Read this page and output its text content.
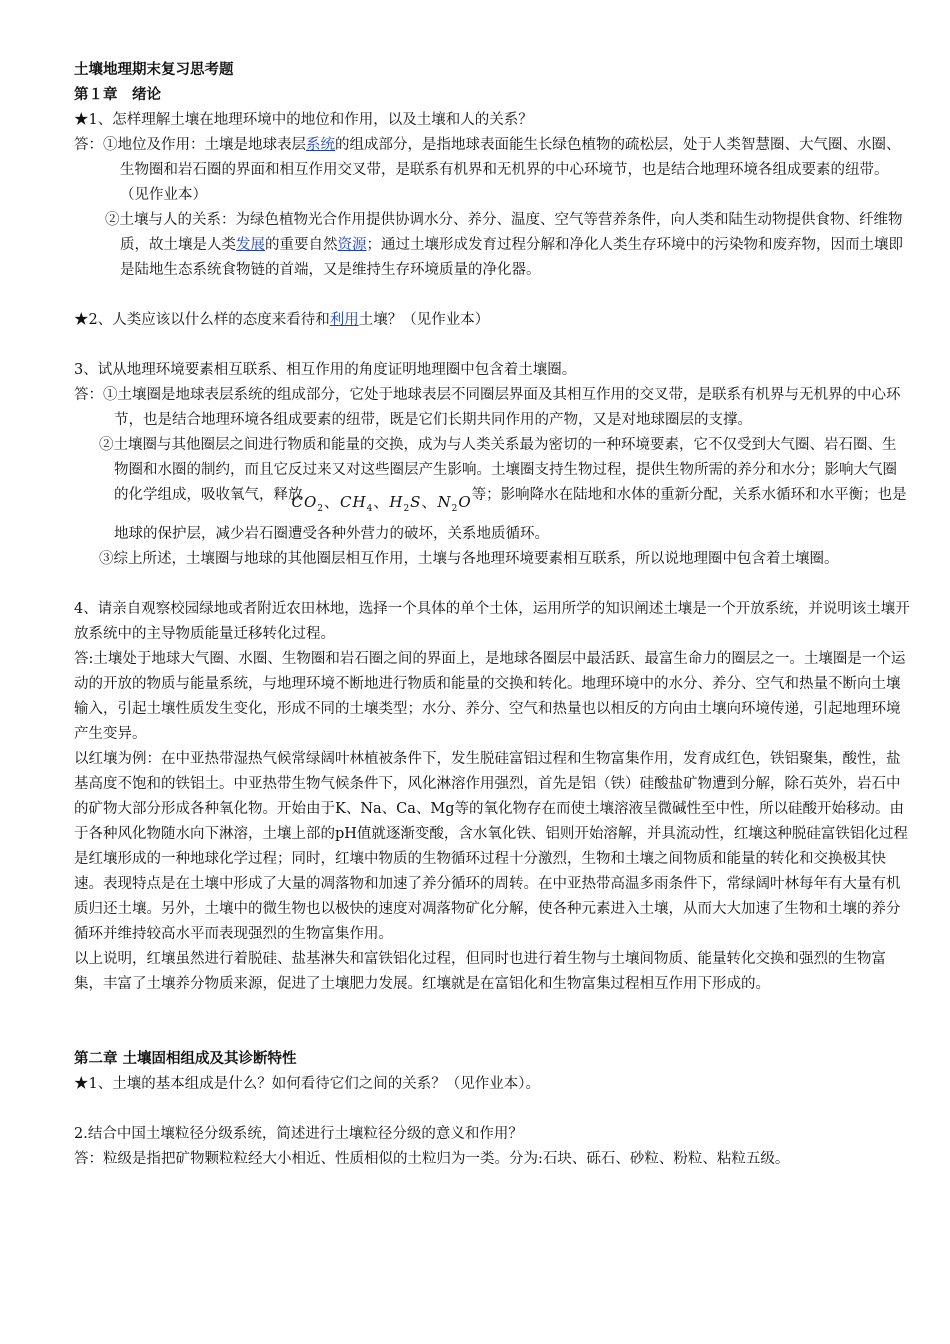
土壤地理期末复习思考题

第１章　绪论

★1、怎样理解土壤在地理环境中的地位和作用，以及土壤和人的关系？

答：①地位及作用：土壤是地球表层系统的组成部分，是指地球表面能生长绿色植物的疏松层，处于人类智慧圈、大气圈、水圈、生物圈和岩石圈的界面和相互作用交叉带，是联系有机界和无机界的中心环境节，也是结合地理环境各组成要素的纽带。（见作业本）

②土壤与人的关系：为绿色植物光合作用提供协调水分、养分、温度、空气等营养条件，向人类和陆生动物提供食物、纤维物质，故土壤是人类发展的重要自然资源；通过土壤形成发育过程分解和净化人类生存环境中的污染物和废弃物，因而土壤即是陆地生态系统食物链的首端，又是维持生存环境质量的净化器。

★2、人类应该以什么样的态度来看待和利用土壤？（见作业本）

3、试从地理环境要素相互联系、相互作用的角度证明地理圈中包含着土壤圈。

答：①土壤圈是地球表层系统的组成部分，它处于地球表层不同圈层界面及其相互作用的交叉带，是联系有机界与无机界的中心环节，也是结合地理环境各组成要素的纽带，既是它们长期共同作用的产物，又是对地球圈层的支撑。

②土壤圈与其他圈层之间进行物质和能量的交换，成为与人类关系最为密切的一种环境要素，它不仅受到大气圈、岩石圈、生物圈和水圈的制约，而且它反过来又对这些圈层产生影响。土壤圈支持生物过程，提供生物所需的养分和水分；影响大气圈的化学组成，吸收氧气，释放 $CO_2$、$CH_4$、$H_2S$、$N_2O$等；影响降水在陆地和水体的重新分配，关系水循环和水平衡；也是地球的保护层，减少岩石圈遭受各种外营力的破坏，关系地质循环。

③综上所述，土壤圈与地球的其他圈层相互作用，土壤与各地理环境要素相互联系，所以说地理圈中包含着土壤圈。

4、请亲自观察校园绿地或者附近农田林地，选择一个具体的单个土体，运用所学的知识阐述土壤是一个开放系统，并说明该土壤开放系统中的主导物质能量迁移转化过程。

答:土壤处于地球大气圈、水圈、生物圈和岩石圈之间的界面上，是地球各圈层中最活跃、最富生命力的圈层之一。土壤圈是一个运动的开放的物质与能量系统，与地理环境不断地进行物质和能量的交换和转化。地理环境中的水分、养分、空气和热量不断向土壤输入，引起土壤性质发生变化，形成不同的土壤类型；水分、养分、空气和热量也以相反的方向由土壤向环境传递，引起地理环境产生变异。

以红壤为例：在中亚热带湿热气候常绿阔叶林植被条件下，发生脱硅富铝过程和生物富集作用，发育成红色，铁铝聚集，酸性，盐基高度不饱和的铁铝土。中亚热带生物气候条件下，风化淋溶作用强烈，首先是铝（铁）硅酸盐矿物遭到分解，除石英外，岩石中的矿物大部分形成各种氧化物。开始由于K、Na、Ca、Mg等的氧化物存在而使土壤溶液呈微碱性至中性，所以硅酸开始移动。由于各种风化物随水向下淋溶，土壤上部的pH值就逐渐变酸，含水氧化铁、铝则开始溶解，并具流动性，红壤这种脱硅富铁铝化过程是红壤形成的一种地球化学过程；同时，红壤中物质的生物循环过程十分激烈，生物和土壤之间物质和能量的转化和交换极其快速。表现特点是在土壤中形成了大量的凋落物和加速了养分循环的周转。在中亚热带高温多雨条件下，常绿阔叶林每年有大量有机质归还土壤。另外，土壤中的微生物也以极快的速度对凋落物矿化分解，使各种元素进入土壤，从而大大加速了生物和土壤的养分循环并维持较高水平而表现强烈的生物富集作用。

以上说明，红壤虽然进行着脱硅、盐基淋失和富铁铝化过程，但同时也进行着生物与土壤间物质、能量转化交换和强烈的生物富集，丰富了土壤养分物质来源，促进了土壤肥力发展。红壤就是在富铝化和生物富集过程相互作用下形成的。

第二章 土壤固相组成及其诊断特性

★1、土壤的基本组成是什么？如何看待它们之间的关系？（见作业本）。

2.结合中国土壤粒径分级系统，简述进行土壤粒径分级的意义和作用？

答：粒级是指把矿物颗粒粒经大小相近、性质相似的土粒归为一类。分为:石块、砾石、砂粒、粉粒、粘粒五级。
